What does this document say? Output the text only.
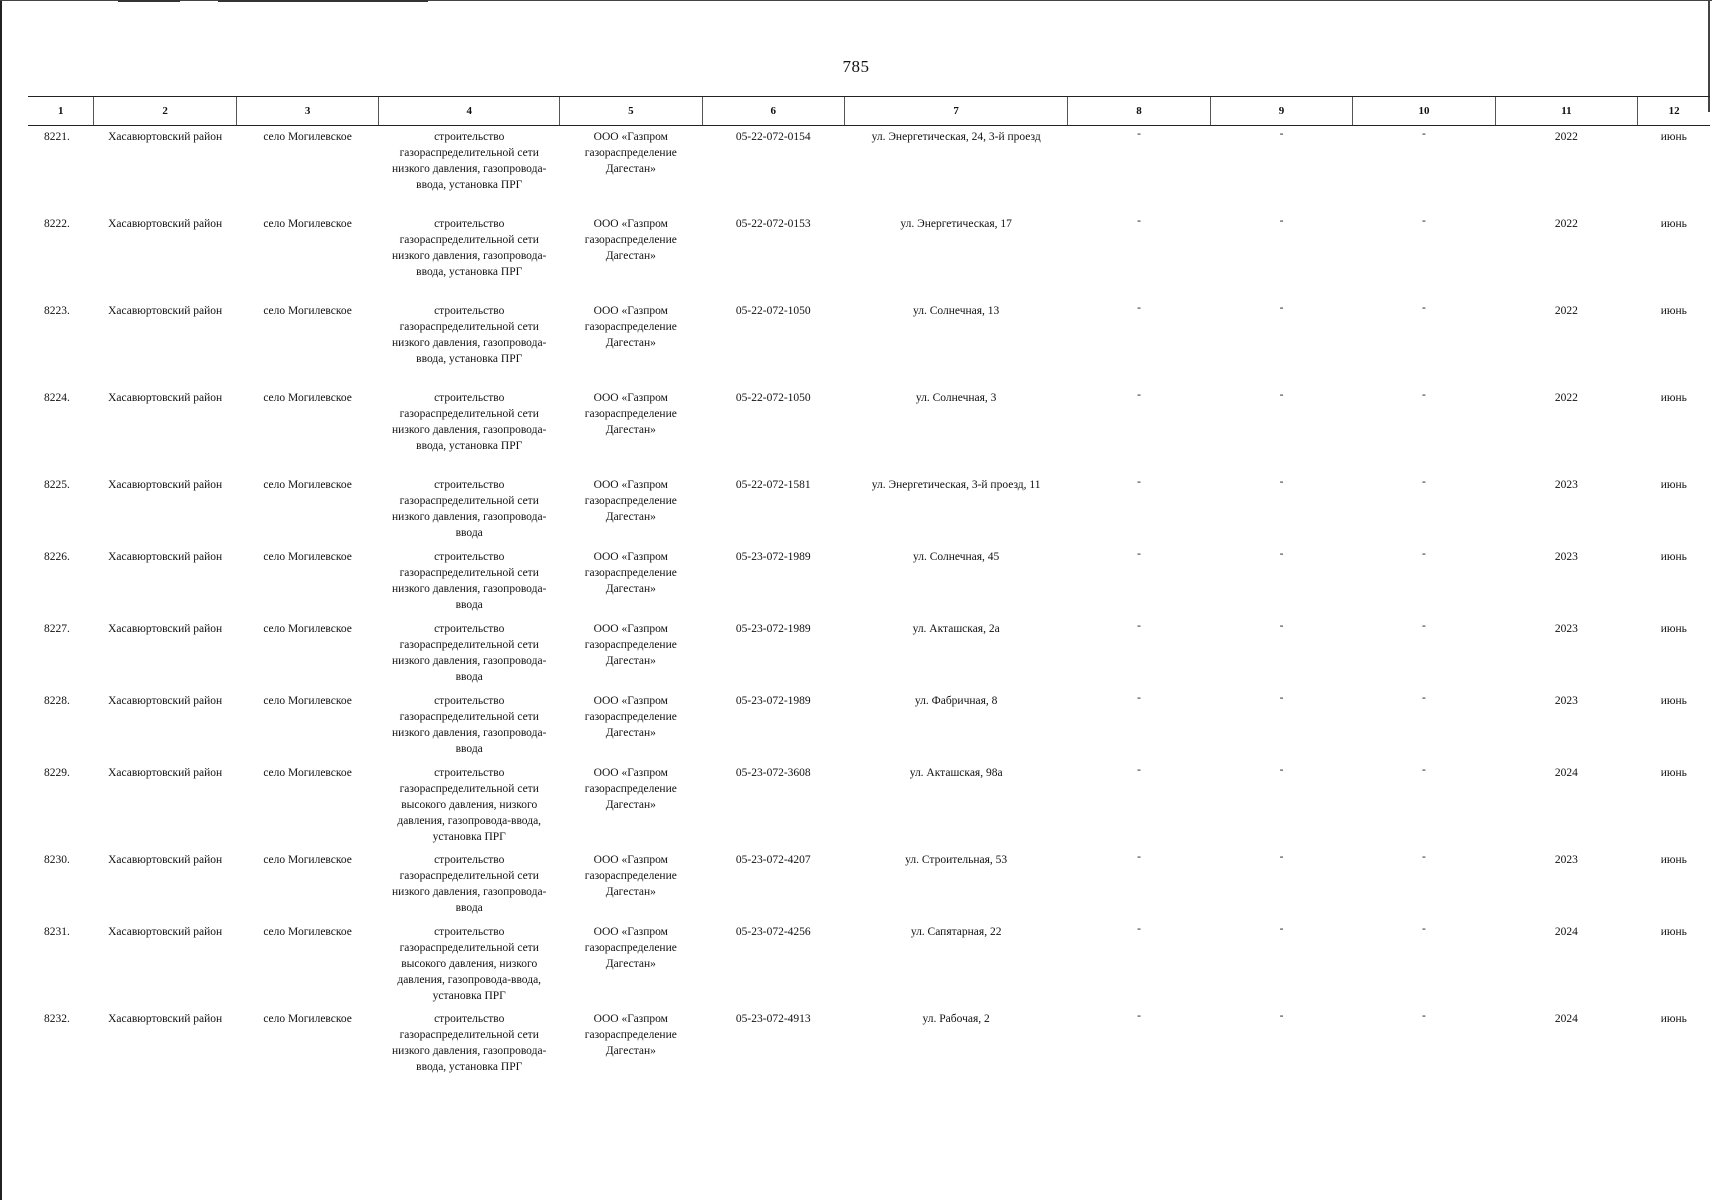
785
1	2	3	4	5	6	7	8	9	10	11	12
8221.	Хасавюртовский район	село Могилевское	строительство газораспределительной сети низкого давления, газопровода-ввода, установка ПРГ	ООО «Газпром газораспределение Дагестан»	05-22-072-0154	ул. Энергетическая, 24, 3-й проезд	-	-	-	2022	июнь
8222.	Хасавюртовский район	село Могилевское	строительство газораспределительной сети низкого давления, газопровода-ввода, установка ПРГ	ООО «Газпром газораспределение Дагестан»	05-22-072-0153	ул. Энергетическая, 17	-	-	-	2022	июнь
8223.	Хасавюртовский район	село Могилевское	строительство газораспределительной сети низкого давления, газопровода-ввода, установка ПРГ	ООО «Газпром газораспределение Дагестан»	05-22-072-1050	ул. Солнечная, 13	-	-	-	2022	июнь
8224.	Хасавюртовский район	село Могилевское	строительство газораспределительной сети низкого давления, газопровода-ввода, установка ПРГ	ООО «Газпром газораспределение Дагестан»	05-22-072-1050	ул. Солнечная, 3	-	-	-	2022	июнь
8225.	Хасавюртовский район	село Могилевское	строительство газораспределительной сети низкого давления, газопровода-ввода	ООО «Газпром газораспределение Дагестан»	05-22-072-1581	ул. Энергетическая, 3-й проезд, 11	-	-	-	2023	июнь
8226.	Хасавюртовский район	село Могилевское	строительство газораспределительной сети низкого давления, газопровода-ввода	ООО «Газпром газораспределение Дагестан»	05-23-072-1989	ул. Солнечная, 45	-	-	-	2023	июнь
8227.	Хасавюртовский район	село Могилевское	строительство газораспределительной сети низкого давления, газопровода-ввода	ООО «Газпром газораспределение Дагестан»	05-23-072-1989	ул. Акташская, 2а	-	-	-	2023	июнь
8228.	Хасавюртовский район	село Могилевское	строительство газораспределительной сети низкого давления, газопровода-ввода	ООО «Газпром газораспределение Дагестан»	05-23-072-1989	ул. Фабричная, 8	-	-	-	2023	июнь
8229.	Хасавюртовский район	село Могилевское	строительство газораспределительной сети высокого давления, низкого давления, газопровода-ввода, установка ПРГ	ООО «Газпром газораспределение Дагестан»	05-23-072-3608	ул. Акташская, 98а	-	-	-	2024	июнь
8230.	Хасавюртовский район	село Могилевское	строительство газораспределительной сети низкого давления, газопровода-ввода	ООО «Газпром газораспределение Дагестан»	05-23-072-4207	ул. Строительная, 53	-	-	-	2023	июнь
8231.	Хасавюртовский район	село Могилевское	строительство газораспределительной сети высокого давления, низкого давления, газопровода-ввода, установка ПРГ	ООО «Газпром газораспределение Дагестан»	05-23-072-4256	ул. Сапятарная, 22	-	-	-	2024	июнь
8232.	Хасавюртовский район	село Могилевское	строительство газораспределительной сети низкого давления, газопровода-ввода, установка ПРГ	ООО «Газпром газораспределение Дагестан»	05-23-072-4913	ул. Рабочая, 2	-	-	-	2024	июнь
